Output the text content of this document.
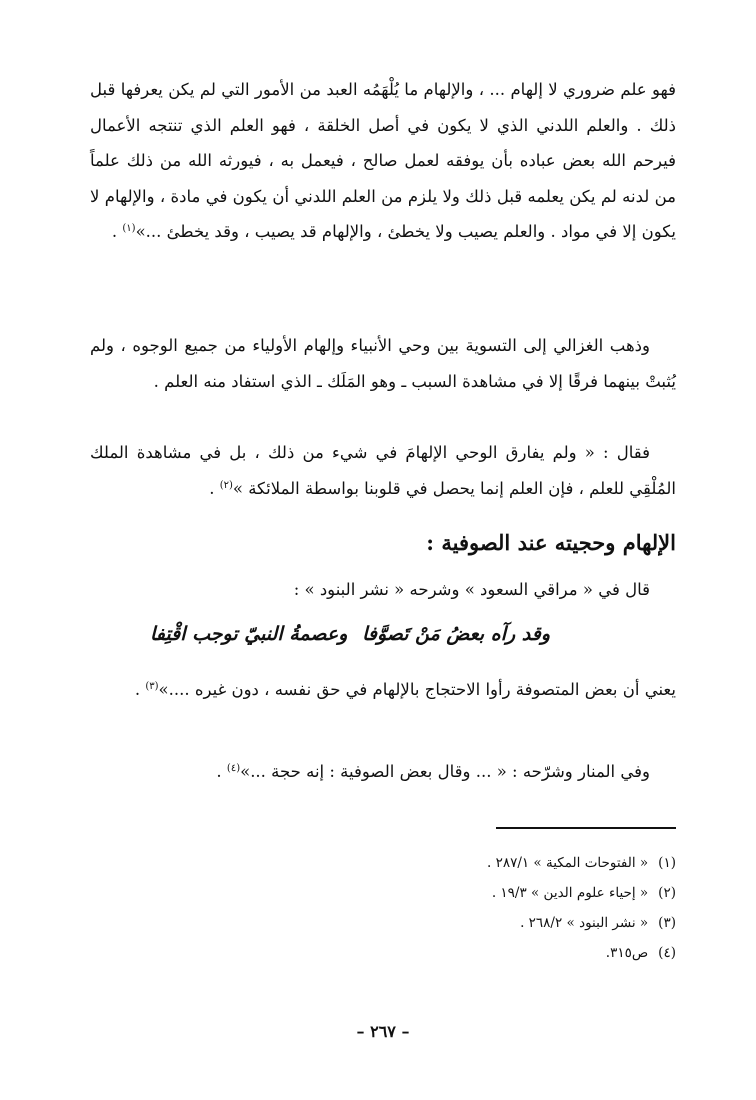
فهو علم ضروري لا إلهام ... ، والإلهام ما يُلْهَمُه العبد من الأمور التي لم يكن يعرفها قبل ذلك . والعلم اللدني الذي لا يكون في أصل الخلقة ، فهو العلم الذي تنتجه الأعمال فيرحم الله بعض عباده بأن يوفقه لعمل صالح ، فيعمل به ، فيورثه الله من ذلك علماً من لدنه لم يكن يعلمه قبل ذلك ولا يلزم من العلم اللدني أن يكون في مادة ، والإلهام لا يكون إلا في مواد . والعلم يصيب ولا يخطئ ، والإلهام قد يصيب ، وقد يخطئ ...»$^{(١)}$ .

وذهب الغزالي إلى التسوية بين وحي الأنبياء وإلهام الأولياء من جميع الوجوه ، ولم يُثبتْ بينهما فرقًا إلا في مشاهدة السبب ـ وهو المَلَك ـ الذي استفاد منه العلم .

فقال : « ولم يفارق الوحي الإلهامَ في شيء من ذلك ، بل في مشاهدة الملك المُلْقِي للعلم ، فإن العلم إنما يحصل في قلوبنا بواسطة الملائكة »$^{(٢)}$ .

الإلهام وحجيته عند الصوفية :

قال في « مراقي السعود » وشرحه « نشر البنود » :

وقد رآه بعضُ مَنْ تَصوَّفا
وعصمةُ النبيّ توجب اقْتِفا

يعني أن بعض المتصوفة رأوا الاحتجاج بالإلهام في حق نفسه ، دون غيره ....»$^{(٣)}$ .

وفي المنار وشرّحه : « ... وقال بعض الصوفية : إنه حجة ...»$^{(٤)}$ .

(١)« الفتوحات المكية » ٢٨٧/١ .

(٢)« إحياء علوم الدين » ١٩/٣ .

(٣)« نشر البنود » ٢٦٨/٢ .

(٤)ص٣١٥.

– ٢٦٧ –
